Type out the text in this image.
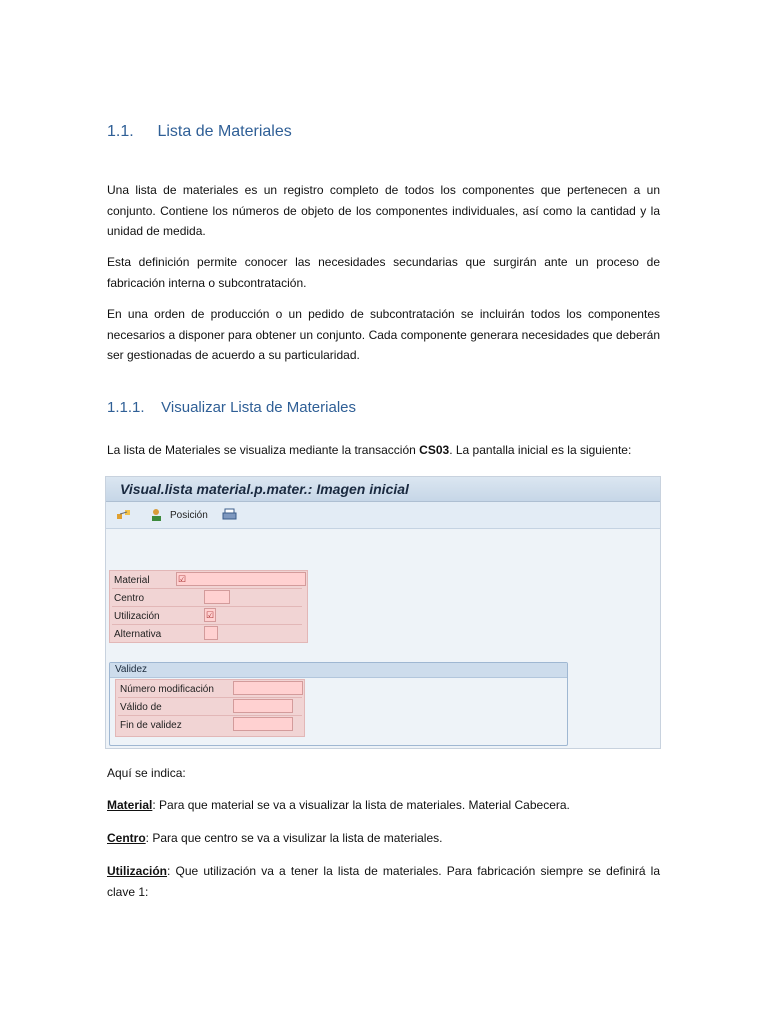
1.1. Lista de Materiales

Una lista de materiales es un registro completo de todos los componentes que pertenecen a un conjunto. Contiene los números de objeto de los componentes individuales, así como la cantidad y la unidad de medida.

Esta definición permite conocer las necesidades secundarias que surgirán ante un proceso de fabricación interna o subcontratación.

En una orden de producción o un pedido de subcontratación se incluirán todos los componentes necesarios a disponer para obtener un conjunto. Cada componente generara necesidades que deberán ser gestionadas de acuerdo a su particularidad.

1.1.1. Visualizar Lista de Materiales
La lista de Materiales se visualiza mediante la transacción CS03. La pantalla inicial es la siguiente:
Visual.lista material.p.mater.: Imagen inicial
Posición
Material	☑
Centro
Utilización	☑
Alternativa
Validez
Número modificación
Válido de
Fin de validez
Aquí se indica:
Material: Para que material se va a visualizar la lista de materiales. Material Cabecera.
Centro: Para que centro se va a visulizar la lista de materiales.
Utilización: Que utilización va a tener la lista de materiales. Para fabricación siempre se definirá la clave 1:
